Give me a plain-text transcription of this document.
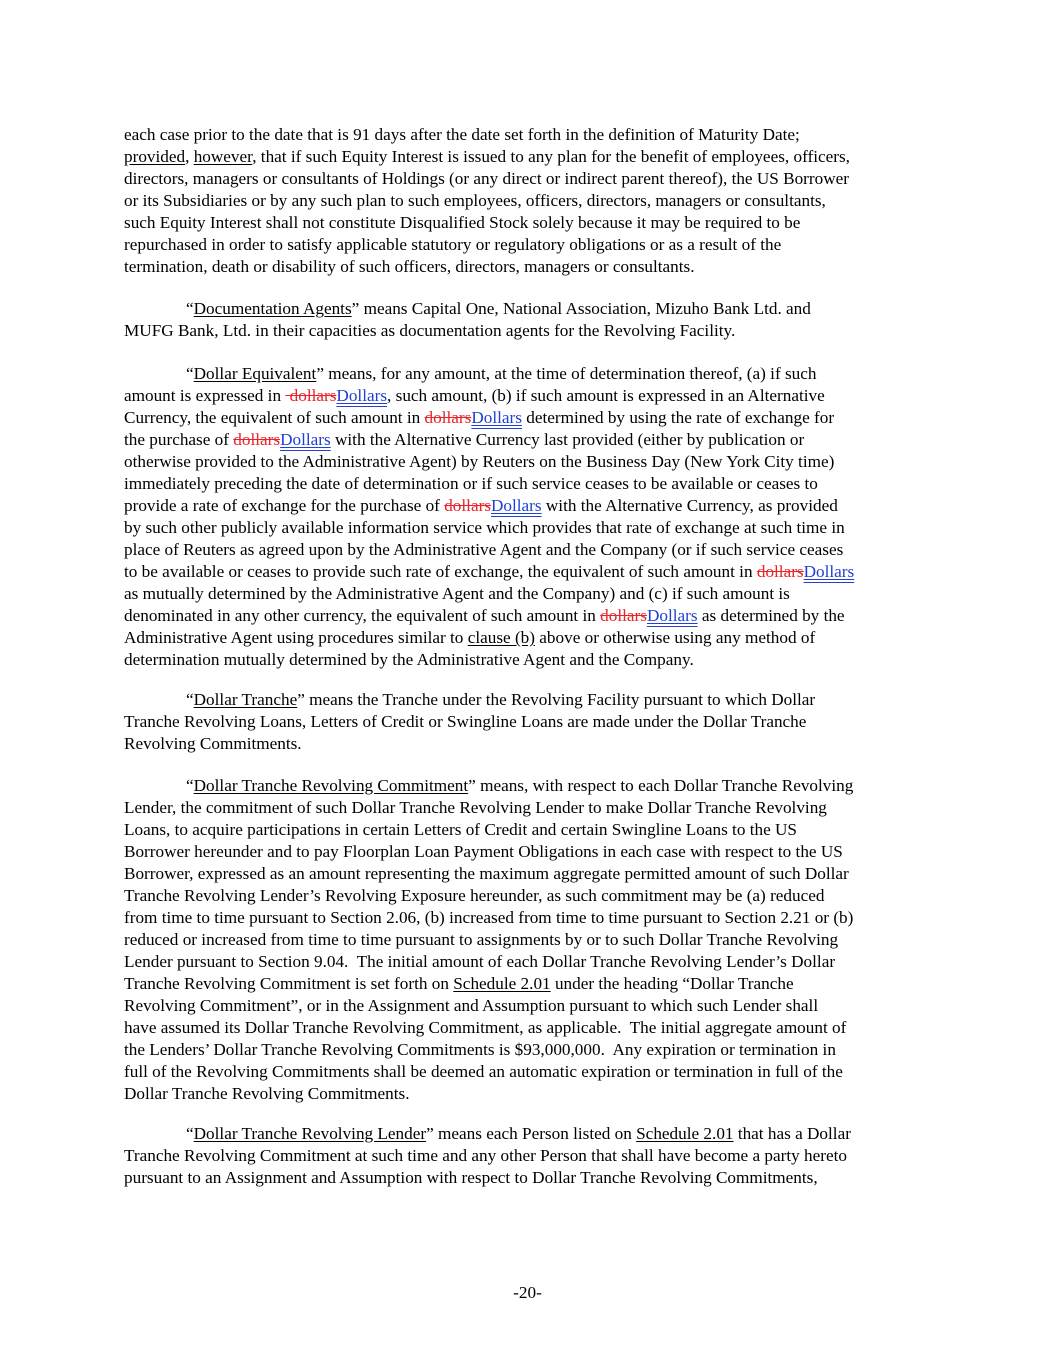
each case prior to the date that is 91 days after the date set forth in the definition of Maturity Date;
provided, however, that if such Equity Interest is issued to any plan for the benefit of employees, officers,
directors, managers or consultants of Holdings (or any direct or indirect parent thereof), the US Borrower
or its Subsidiaries or by any such plan to such employees, officers, directors, managers or consultants,
such Equity Interest shall not constitute Disqualified Stock solely because it may be required to be
repurchased in order to satisfy applicable statutory or regulatory obligations or as a result of the
termination, death or disability of such officers, directors, managers or consultants.
“Documentation Agents” means Capital One, National Association, Mizuho Bank Ltd. and
MUFG Bank, Ltd. in their capacities as documentation agents for the Revolving Facility.
“Dollar Equivalent” means, for any amount, at the time of determination thereof, (a) if such
amount is expressed in  dollarsDollars, such amount, (b) if such amount is expressed in an Alternative
Currency, the equivalent of such amount in dollarsDollars determined by using the rate of exchange for
the purchase of dollarsDollars with the Alternative Currency last provided (either by publication or
otherwise provided to the Administrative Agent) by Reuters on the Business Day (New York City time)
immediately preceding the date of determination or if such service ceases to be available or ceases to
provide a rate of exchange for the purchase of dollarsDollars with the Alternative Currency, as provided
by such other publicly available information service which provides that rate of exchange at such time in
place of Reuters as agreed upon by the Administrative Agent and the Company (or if such service ceases
to be available or ceases to provide such rate of exchange, the equivalent of such amount in dollarsDollars
as mutually determined by the Administrative Agent and the Company) and (c) if such amount is
denominated in any other currency, the equivalent of such amount in dollarsDollars as determined by the
Administrative Agent using procedures similar to clause (b) above or otherwise using any method of
determination mutually determined by the Administrative Agent and the Company.
“Dollar Tranche” means the Tranche under the Revolving Facility pursuant to which Dollar
Tranche Revolving Loans, Letters of Credit or Swingline Loans are made under the Dollar Tranche
Revolving Commitments.
“Dollar Tranche Revolving Commitment” means, with respect to each Dollar Tranche Revolving
Lender, the commitment of such Dollar Tranche Revolving Lender to make Dollar Tranche Revolving
Loans, to acquire participations in certain Letters of Credit and certain Swingline Loans to the US
Borrower hereunder and to pay Floorplan Loan Payment Obligations in each case with respect to the US
Borrower, expressed as an amount representing the maximum aggregate permitted amount of such Dollar
Tranche Revolving Lender’s Revolving Exposure hereunder, as such commitment may be (a) reduced
from time to time pursuant to Section 2.06, (b) increased from time to time pursuant to Section 2.21 or (b)
reduced or increased from time to time pursuant to assignments by or to such Dollar Tranche Revolving
Lender pursuant to Section 9.04.  The initial amount of each Dollar Tranche Revolving Lender’s Dollar
Tranche Revolving Commitment is set forth on Schedule 2.01 under the heading “Dollar Tranche
Revolving Commitment”, or in the Assignment and Assumption pursuant to which such Lender shall
have assumed its Dollar Tranche Revolving Commitment, as applicable.  The initial aggregate amount of
the Lenders’ Dollar Tranche Revolving Commitments is $93,000,000.  Any expiration or termination in
full of the Revolving Commitments shall be deemed an automatic expiration or termination in full of the
Dollar Tranche Revolving Commitments.
“Dollar Tranche Revolving Lender” means each Person listed on Schedule 2.01 that has a Dollar
Tranche Revolving Commitment at such time and any other Person that shall have become a party hereto
pursuant to an Assignment and Assumption with respect to Dollar Tranche Revolving Commitments,
-20-
